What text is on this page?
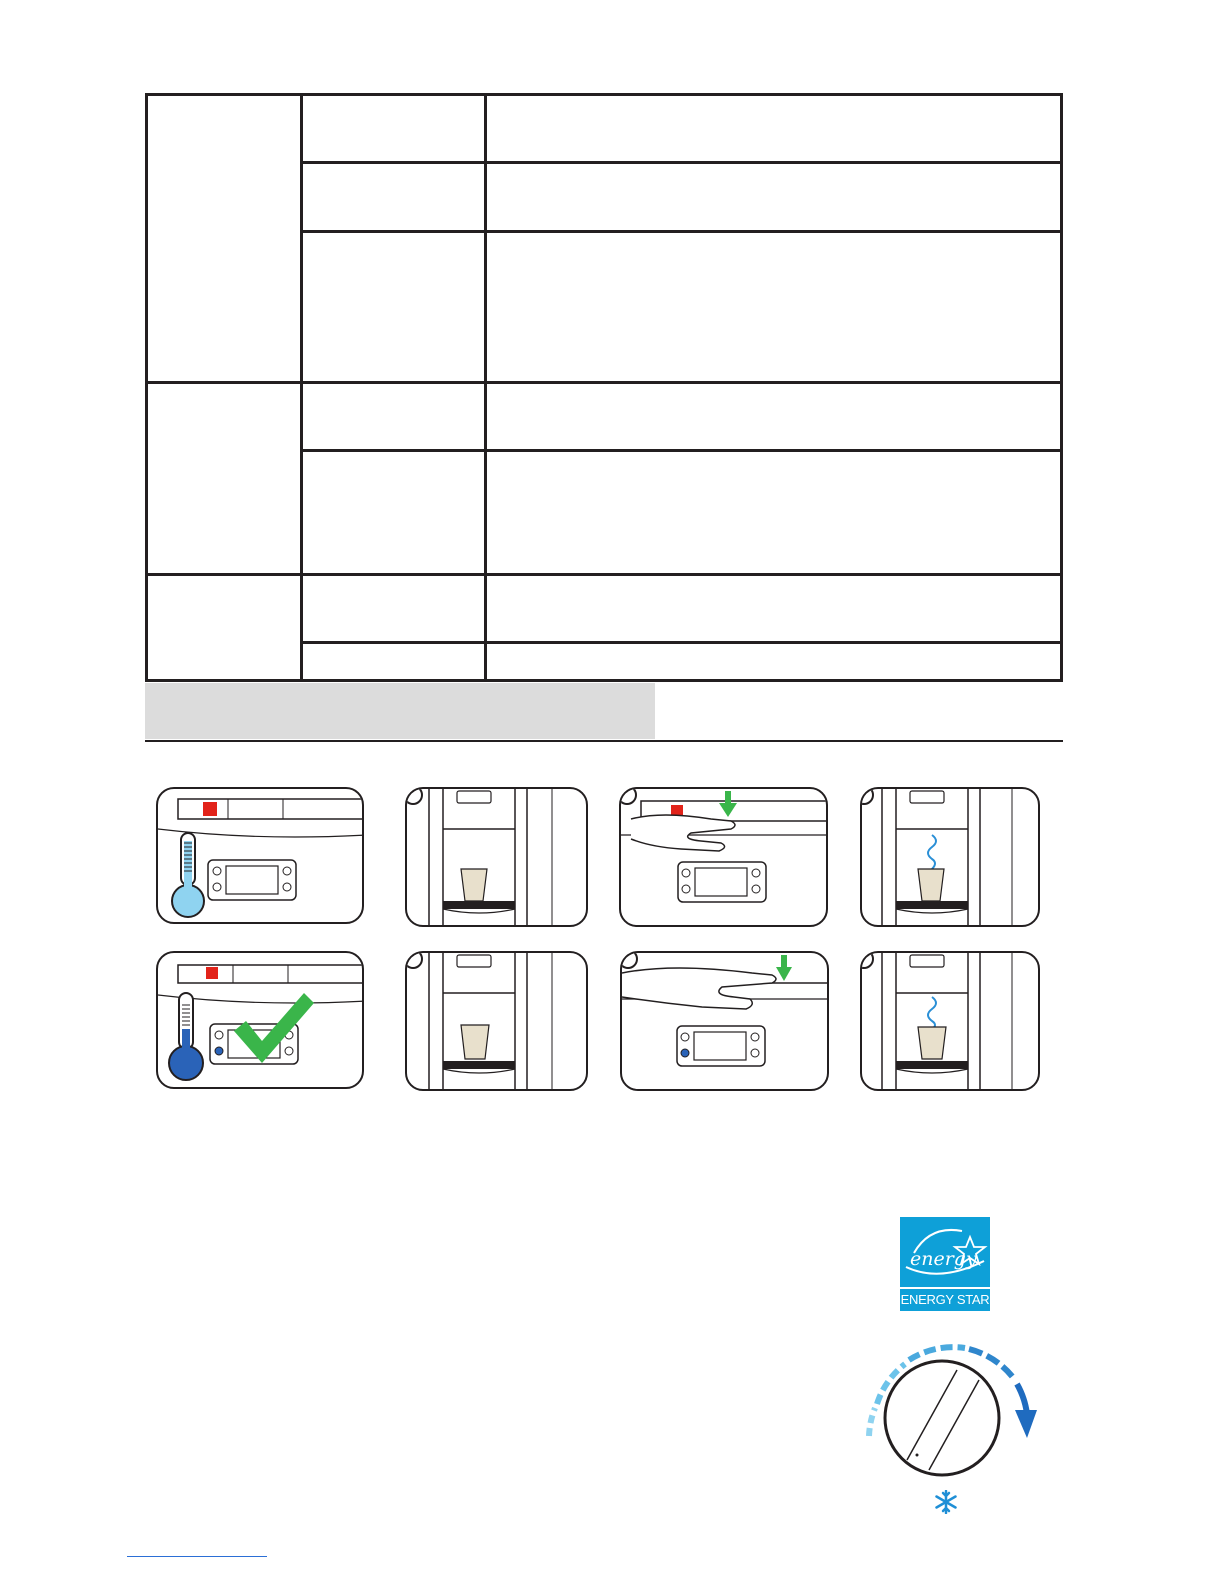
energy
ENERGY STAR
